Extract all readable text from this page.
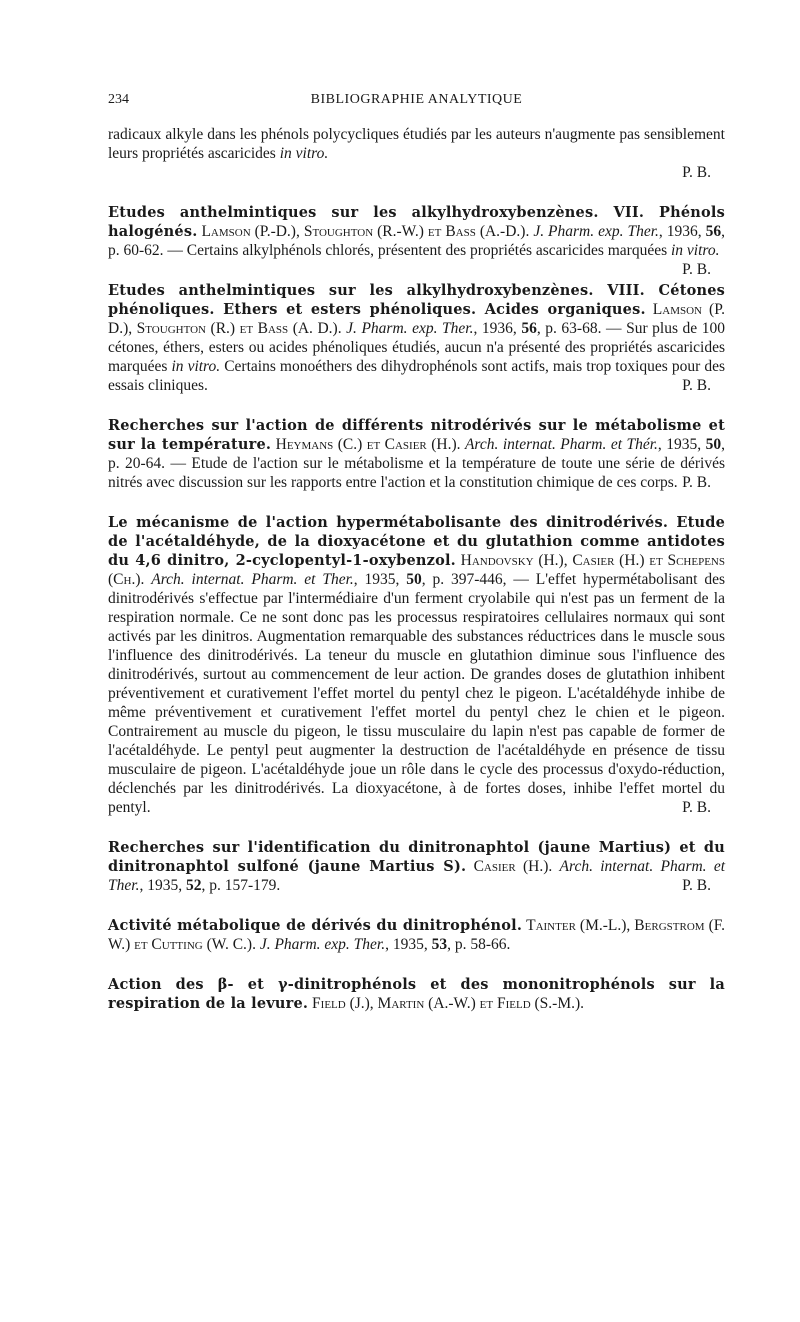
234	BIBLIOGRAPHIE ANALYTIQUE

radicaux alkyle dans les phénols polycycliques étudiés par les auteurs n'augmente pas sensiblement leurs propriétés ascaricides in vitro.
P. B.

Etudes anthelmintiques sur les alkylhydroxybenzènes. VII. Phénols halogénés. Lamson (P.-D.), Stoughton (R.-W.) et Bass (A.-D.). J. Pharm. exp. Ther., 1936, 56, p. 60-62. — Certains alkylphénols chlorés, présentent des propriétés ascaricides marquées in vitro.
P. B.

Etudes anthelmintiques sur les alkylhydroxybenzènes. VIII. Cétones phénoliques. Ethers et esters phénoliques. Acides organiques. Lamson (P. D.), Stoughton (R.) et Bass (A. D.). J. Pharm. exp. Ther., 1936, 56, p. 63-68. — Sur plus de 100 cétones, éthers, esters ou acides phénoliques étudiés, aucun n'a présenté des propriétés ascaricides marquées in vitro. Certains monoéthers des dihydrophénols sont actifs, mais trop toxiques pour des essais cliniques.	P. B.

Recherches sur l'action de différents nitrodérivés sur le métabolisme et sur la température. Heymans (C.) et Casier (H.). Arch. internat. Pharm. et Thér., 1935, 50, p. 20-64. — Etude de l'action sur le métabolisme et la température de toute une série de dérivés nitrés avec discussion sur les rapports entre l'action et la constitution chimique de ces corps. P. B.

Le mécanisme de l'action hypermétabolisante des dinitrodérivés. Etude de l'acétaldéhyde, de la dioxyacétone et du glutathion comme antidotes du 4,6 dinitro, 2-cyclopentyl-1-oxybenzol. Handovsky (H.), Casier (H.) et Schepens (Ch.). Arch. internat. Pharm. et Ther., 1935, 50, p. 397-446, — L'effet hypermétabolisant des dinitrodérivés s'effectue par l'intermédiaire d'un ferment cryolabile qui n'est pas un ferment de la respiration normale. Ce ne sont donc pas les processus respiratoires cellulaires normaux qui sont activés par les dinitros. Augmentation remarquable des substances réductrices dans le muscle sous l'influence des dinitrodérivés. La teneur du muscle en glutathion diminue sous l'influence des dinitrodérivés, surtout au commencement de leur action. De grandes doses de glutathion inhibent préventivement et curativement l'effet mortel du pentyl chez le pigeon. L'acétaldéhyde inhibe de même préventivement et curativement l'effet mortel du pentyl chez le chien et le pigeon. Contrairement au muscle du pigeon, le tissu musculaire du lapin n'est pas capable de former de l'acétaldéhyde. Le pentyl peut augmenter la destruction de l'acétaldéhyde en présence de tissu musculaire de pigeon. L'acétaldéhyde joue un rôle dans le cycle des processus d'oxydo-réduction, déclenchés par les dinitrodérivés. La dioxyacétone, à de fortes doses, inhibe l'effet mortel du pentyl.	P. B.

Recherches sur l'identification du dinitronaphtol (jaune Martius) et du dinitronaphtol sulfoné (jaune Martius S). Casier (H.). Arch. internat. Pharm. et Ther., 1935, 52, p. 157-179.	P. B.

Activité métabolique de dérivés du dinitrophénol. Tainter (M.-L.), Bergstrom (F. W.) et Cutting (W. C.). J. Pharm. exp. Ther., 1935, 53, p. 58-66.

Action des β- et γ-dinitrophénols et des mononitrophénols sur la respiration de la levure. Field (J.), Martin (A.-W.) et Field (S.-M.).
